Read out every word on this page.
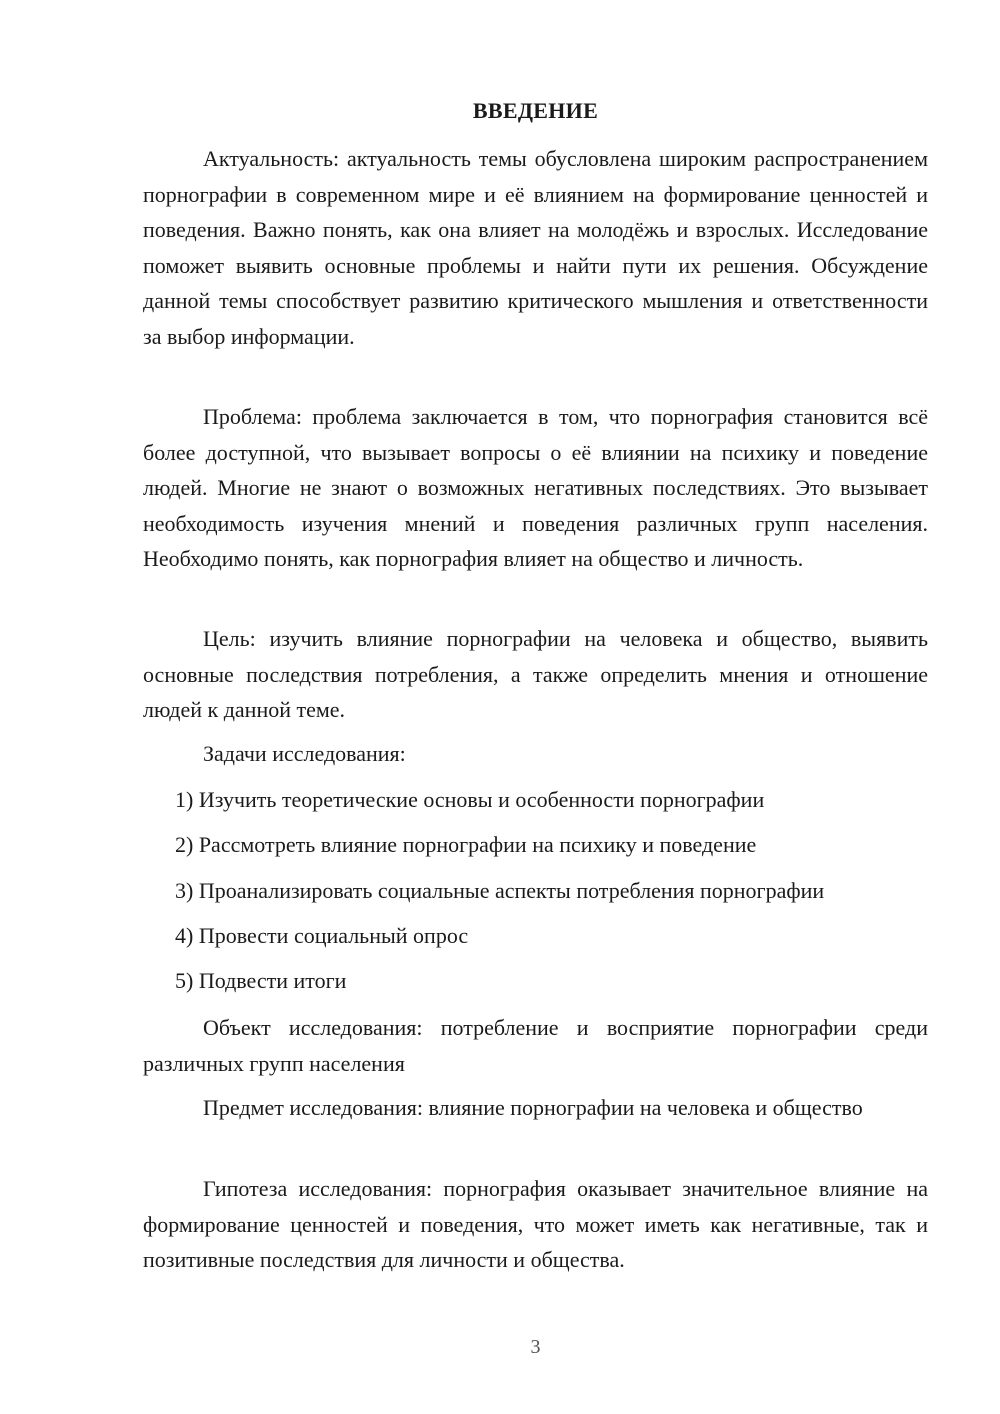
ВВЕДЕНИЕ

Актуальность: актуальность темы обусловлена широким распространением порнографии в современном мире и её влиянием на формирование ценностей и поведения. Важно понять, как она влияет на молодёжь и взрослых. Исследование поможет выявить основные проблемы и найти пути их решения. Обсуждение данной темы способствует развитию критического мышления и ответственности за выбор информации.

Проблема: проблема заключается в том, что порнография становится всё более доступной, что вызывает вопросы о её влиянии на психику и поведение людей. Многие не знают о возможных негативных последствиях. Это вызывает необходимость изучения мнений и поведения различных групп населения. Необходимо понять, как порнография влияет на общество и личность.

Цель: изучить влияние порнографии на человека и общество, выявить основные последствия потребления, а также определить мнения и отношение людей к данной теме.

Задачи исследования:

1) Изучить теоретические основы и особенности порнографии

2) Рассмотреть влияние порнографии на психику и поведение

3) Проанализировать социальные аспекты потребления порнографии

4) Провести социальный опрос

5) Подвести итоги

Объект исследования: потребление и восприятие порнографии среди различных групп населения

Предмет исследования: влияние порнографии на человека и общество

Гипотеза исследования: порнография оказывает значительное влияние на формирование ценностей и поведения, что может иметь как негативные, так и позитивные последствия для личности и общества.

3
